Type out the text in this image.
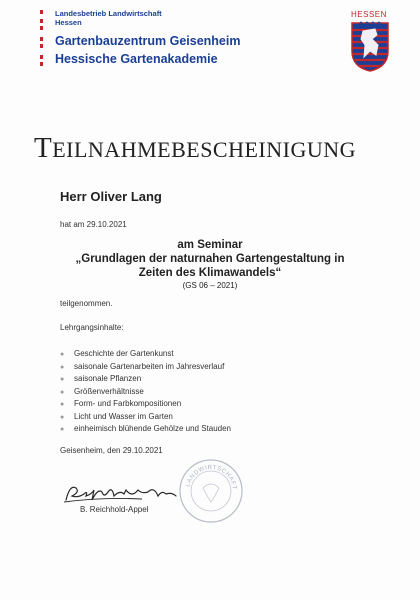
Landesbetrieb Landwirtschaft
Hessen
Gartenbauzentrum Geisenheim
Hessische Gartenakademie
HESSEN
TEILNAHMEBESCHEINIGUNG
Herr Oliver Lang
hat am 29.10.2021
am Seminar
„Grundlagen der naturnahen Gartengestaltung in
Zeiten des Klimawandels“
(GS 06 – 2021)
teilgenommen.
Lehrgangsinhalte:
● Geschichte der Gartenkunst
● saisonale Gartenarbeiten im Jahresverlauf
● saisonale Pflanzen
● Größenverhältnisse
● Form- und Farbkompositionen
● Licht und Wasser im Garten
● einheimisch blühende Gehölze und Stauden
Geisenheim, den 29.10.2021
LANDWIRTSCHAFT
B. Reichhold-Appel
